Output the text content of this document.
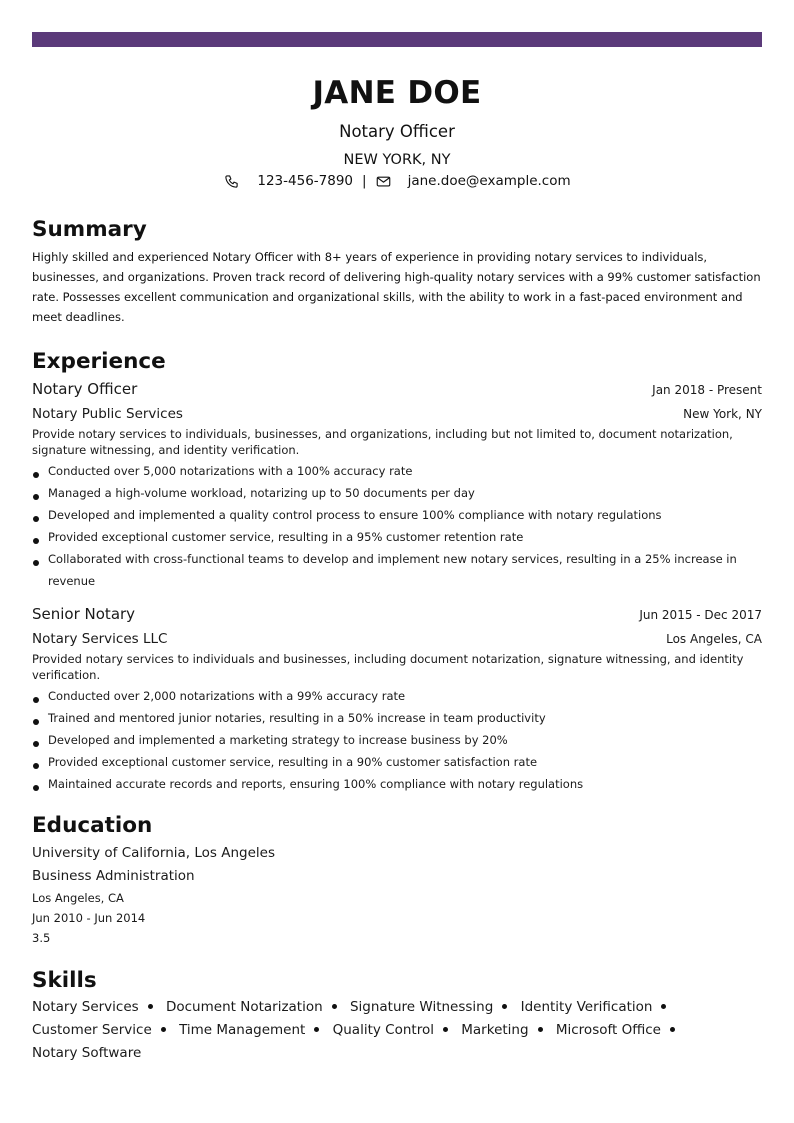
JANE DOE
Notary Officer
NEW YORK, NY
123-456-7890 |	jane.doe@example.com
Summary
Highly skilled and experienced Notary Officer with 8+ years of experience in providing notary services to individuals, businesses, and organizations. Proven track record of delivering high-quality notary services with a 99% customer satisfaction rate. Possesses excellent communication and organizational skills, with the ability to work in a fast-paced environment and meet deadlines.
Experience
Notary Officer	Jan 2018 - Present
Notary Public Services	New York, NY
Provide notary services to individuals, businesses, and organizations, including but not limited to, document notarization, signature witnessing, and identity verification.
Conducted over 5,000 notarizations with a 100% accuracy rate
Managed a high-volume workload, notarizing up to 50 documents per day
Developed and implemented a quality control process to ensure 100% compliance with notary regulations
Provided exceptional customer service, resulting in a 95% customer retention rate
Collaborated with cross-functional teams to develop and implement new notary services, resulting in a 25% increase in revenue
Senior Notary	Jun 2015 - Dec 2017
Notary Services LLC	Los Angeles, CA
Provided notary services to individuals and businesses, including document notarization, signature witnessing, and identity verification.
Conducted over 2,000 notarizations with a 99% accuracy rate
Trained and mentored junior notaries, resulting in a 50% increase in team productivity
Developed and implemented a marketing strategy to increase business by 20%
Provided exceptional customer service, resulting in a 90% customer satisfaction rate
Maintained accurate records and reports, ensuring 100% compliance with notary regulations
Education
University of California, Los Angeles
Business Administration
Los Angeles, CA
Jun 2010 - Jun 2014
3.5
Skills
Notary Services Document Notarization Signature Witnessing Identity Verification
Customer Service Time Management Quality Control Marketing Microsoft Office Notary Software
